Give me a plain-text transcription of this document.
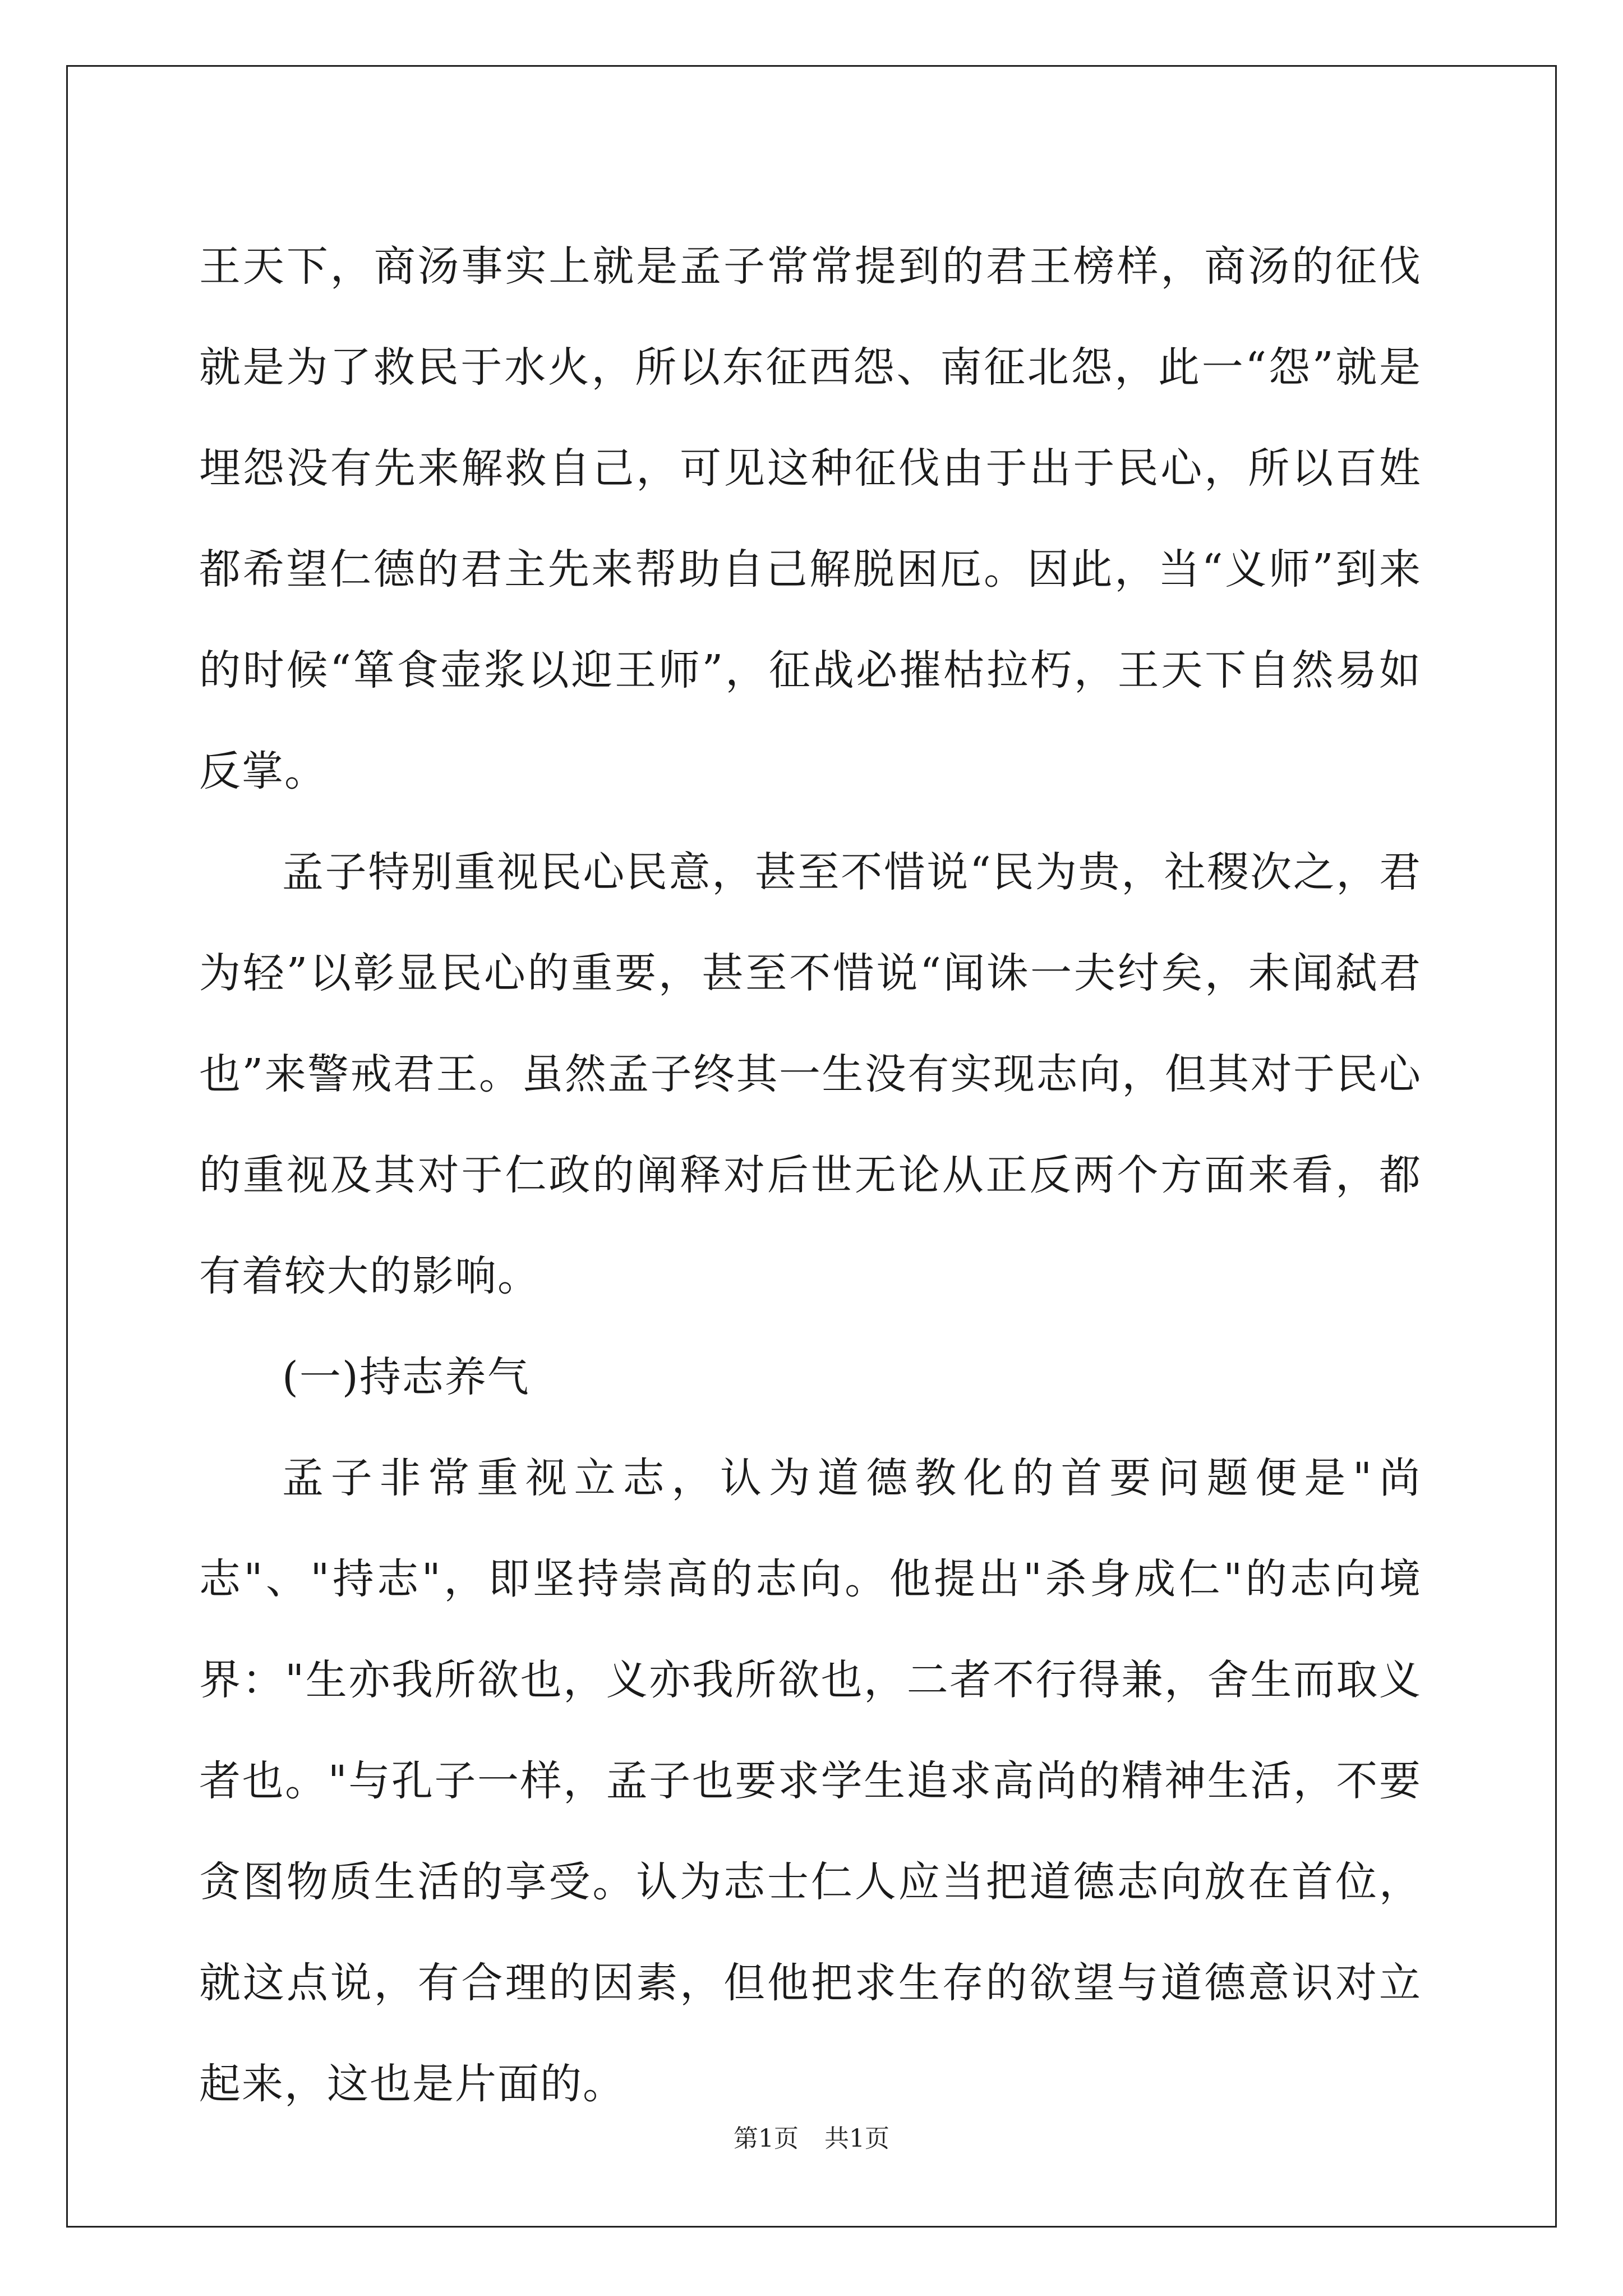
王天下，商汤事实上就是孟子常常提到的君王榜样，商汤的征伐就是为了救民于水火，所以东征西怨、南征北怨，此一“怨”就是埋怨没有先来解救自己，可见这种征伐由于出于民心，所以百姓都希望仁德的君主先来帮助自己解脱困厄。因此，当“义师”到来的时候“箪食壶浆以迎王师”，征战必摧枯拉朽，王天下自然易如反掌。

孟子特别重视民心民意，甚至不惜说“民为贵，社稷次之，君为轻”以彰显民心的重要，甚至不惜说“闻诛一夫纣矣，未闻弑君也”来警戒君王。虽然孟子终其一生没有实现志向，但其对于民心的重视及其对于仁政的阐释对后世无论从正反两个方面来看，都有着较大的影响。

(一)持志养气

孟子非常重视立志，认为道德教化的首要问题便是"尚志"、"持志"，即坚持崇高的志向。他提出"杀身成仁"的志向境界："生亦我所欲也，义亦我所欲也，二者不行得兼，舍生而取义者也。"与孔子一样，孟子也要求学生追求高尚的精神生活，不要贪图物质生活的享受。认为志士仁人应当把道德志向放在首位，就这点说，有合理的因素，但他把求生存的欲望与道德意识对立起来，这也是片面的。

第1页 共1页
